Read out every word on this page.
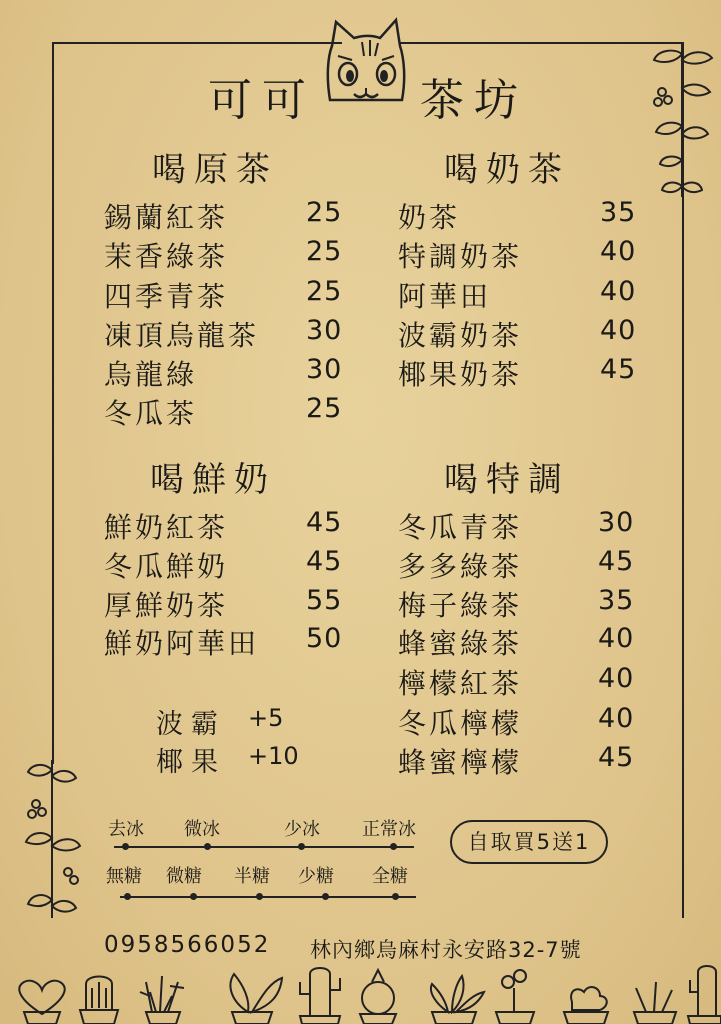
可可 茶坊
喝原茶
錫蘭紅茶	25
茉香綠茶	25
四季青茶	25
凍頂烏龍茶 30
烏龍綠	30
冬瓜茶	25
喝奶茶
奶茶	35
特調奶茶	40
阿華田	40
波霸奶茶	40
椰果奶茶	45
喝鮮奶
鮮奶紅茶	45
冬瓜鮮奶	45
厚鮮奶茶	55
鮮奶阿華田 50
喝特調
冬瓜青茶	30
多多綠茶	45
梅子綠茶	35
蜂蜜綠茶	40
檸檬紅茶	40
冬瓜檸檬	40
蜂蜜檸檬	45
波霸 +5
椰果 +10
去冰 微冰	少冰 正常冰
無糖 微糖 半糖 少糖 全糖
自取買5送1
0958566052 林內鄉烏麻村永安路32-7號
